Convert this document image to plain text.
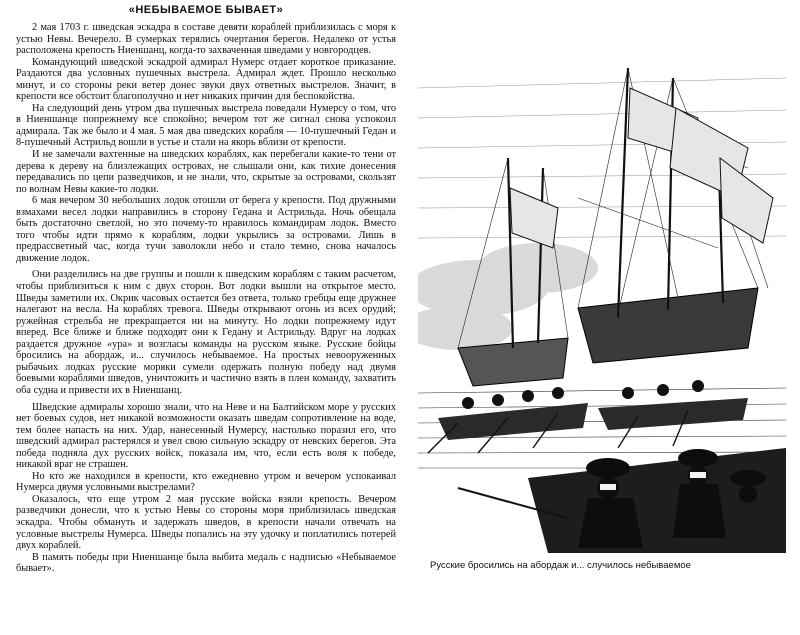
«НЕБЫВАЕМОЕ БЫВАЕТ»

2 мая 1703 г. шведская эскадра в составе девяти кораблей приблизилась с моря к устью Невы. Вечерело. В сумерках терялись очертания берегов. Недалеко от устья расположена крепость Ниеншанц, когда-то захваченная шведами у новгородцев.

Командующий шведской эскадрой адмирал Нумерс отдает короткое приказание. Раздаются два условных пушечных выстрела. Адмирал ждет. Прошло несколько минут, и со стороны реки ветер донес звуки двух ответных выстрелов. Значит, в крепости все обстоит благополучно и нет никаких причин для беспокойства.

На следующий день утром два пушечных выстрела поведали Нумерсу о том, что в Ниеншанце попрежнему все спокойно; вечером тот же сигнал снова успокоил адмирала. Так же было и 4 мая. 5 мая два шведских корабля — 10-пушечный Гедан и 8-пушечный Астрильд вошли в устье и стали на якорь вблизи от крепости.

И не замечали вахтенные на шведских кораблях, как перебегали какие-то тени от дерева к дереву на близлежащих островах, не слышали они, как тихие донесения передавались по цепи разведчиков, и не знали, что, скрытые за островами, скользят по волнам Невы какие-то лодки.

6 мая вечером 30 небольших лодок отошли от берега у крепости. Под дружными взмахами весел лодки направились в сторону Гедана и Астрильда. Ночь обещала быть достаточно светлой, но это почему-то нравилось командирам лодок. Вместо того чтобы идти прямо к кораблям, лодки укрылись за островами. Лишь в предрассветный час, когда тучи заволокли небо и стало темно, снова началось движение лодок.

Они разделились на две группы и пошли к шведским кораблям с таким расчетом, чтобы приблизиться к ним с двух сторон. Вот лодки вышли на открытое место. Шведы заметили их. Окрик часовых остается без ответа, только гребцы еще дружнее налегают на весла. На кораблях тревога. Шведы открывают огонь из всех орудий; ружейная стрельба не прекращается ни на минуту. Но лодки попрежнему идут вперед. Все ближе и ближе подходят они к Гедану и Астрильду. Вдруг на лодках раздается дружное «ура» и возгласы команды на русском языке. Русские бойцы бросились на абордаж, и... случилось небываемое. На простых невооруженных рыбачьих лодках русские моряки сумели одержать полную победу над двумя боевыми кораблями шведов, уничтожить и частично взять в плен команду, захватить оба судна и привести их в Ниеншанц.

Шведские адмиралы хорошо знали, что на Неве и на Балтийском море у русских нет боевых судов, нет никакой возможности оказать шведам сопротивление на воде, тем более напасть на них. Удар, нанесенный Нумерсу, настолько поразил его, что шведский адмирал растерялся и увел свою сильную эскадру от невских берегов. Эта победа подняла дух русских войск, показала им, что, если есть воля к победе, никакой враг не страшен.

Но кто же находился в крепости, кто ежедневно утром и вечером успокаивал Нумерса двумя условными выстрелами?

Оказалось, что еще утром 2 мая русские войска взяли крепость. Вечером разведчики донесли, что к устью Невы со стороны моря приблизилась шведская эскадра. Чтобы обмануть и задержать шведов, в крепости начали отвечать на условные выстрелы Нумерса. Шведы попались на эту удочку и поплатились потерей двух кораблей.

В память победы при Ниеншанце была выбита медаль с надписью «Небываемое бывает».	Русские бросились на абордаж и... случилось небываемое
